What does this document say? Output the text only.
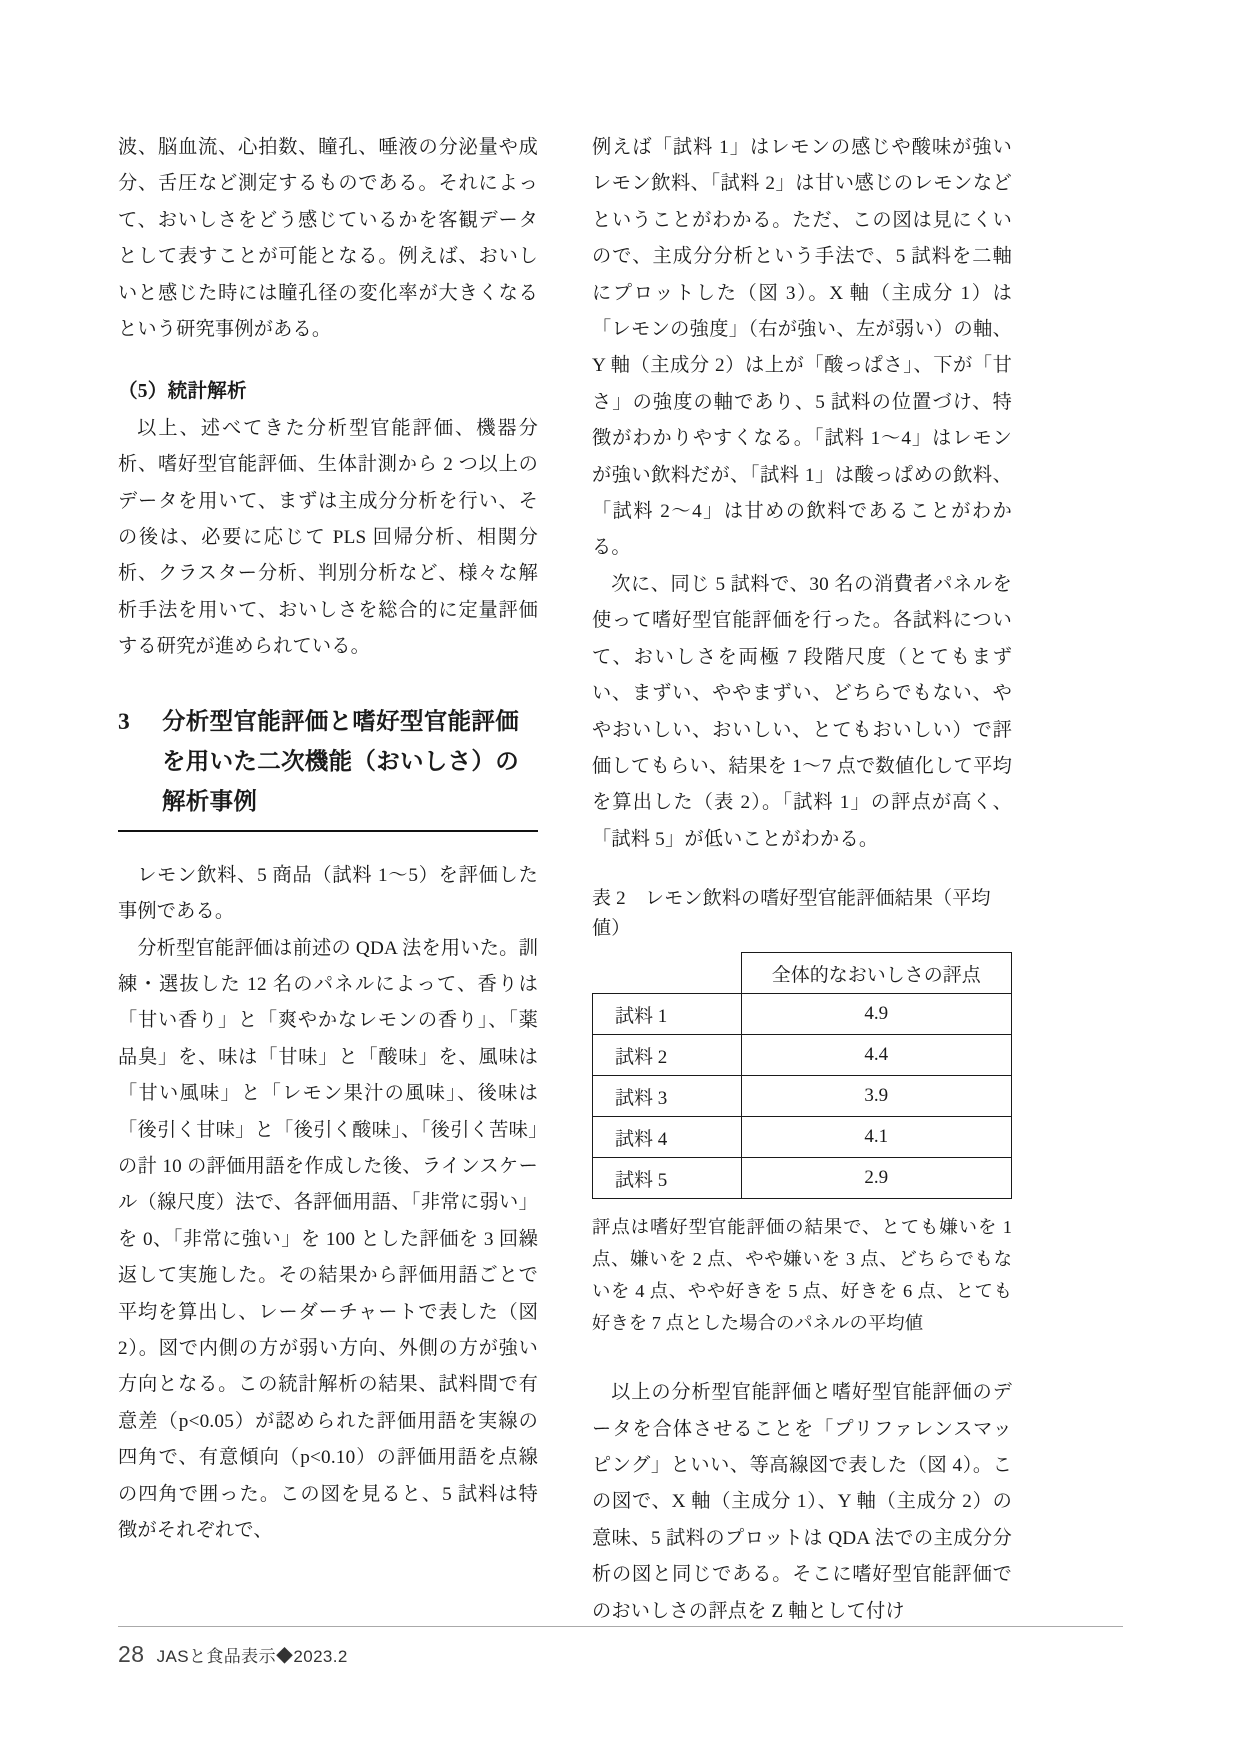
波、脳血流、心拍数、瞳孔、唾液の分泌量や成分、舌圧など測定するものである。それによって、おいしさをどう感じているかを客観データとして表すことが可能となる。例えば、おいしいと感じた時には瞳孔径の変化率が大きくなるという研究事例がある。

（5）統計解析

以上、述べてきた分析型官能評価、機器分析、嗜好型官能評価、生体計測から 2 つ以上のデータを用いて、まずは主成分分析を行い、その後は、必要に応じて PLS 回帰分析、相関分析、クラスター分析、判別分析など、様々な解析手法を用いて、おいしさを総合的に定量評価する研究が進められている。

3	分析型官能評価と嗜好型官能評価を用いた二次機能（おいしさ）の解析事例

レモン飲料、5 商品（試料 1〜5）を評価した事例である。

分析型官能評価は前述の QDA 法を用いた。訓練・選抜した 12 名のパネルによって、香りは「甘い香り」と「爽やかなレモンの香り」、「薬品臭」を、味は「甘味」と「酸味」を、風味は「甘い風味」と「レモン果汁の風味」、後味は「後引く甘味」と「後引く酸味」、「後引く苦味」の計 10 の評価用語を作成した後、ラインスケール（線尺度）法で、各評価用語、「非常に弱い」を 0、「非常に強い」を 100 とした評価を 3 回繰返して実施した。その結果から評価用語ごとで平均を算出し、レーダーチャートで表した（図 2）。図で内側の方が弱い方向、外側の方が強い方向となる。この統計解析の結果、試料間で有意差（p<0.05）が認められた評価用語を実線の四角で、有意傾向（p<0.10）の評価用語を点線の四角で囲った。この図を見ると、5 試料は特徴がそれぞれで、

例えば「試料 1」はレモンの感じや酸味が強いレモン飲料、「試料 2」は甘い感じのレモンなどということがわかる。ただ、この図は見にくいので、主成分分析という手法で、5 試料を二軸にプロットした（図 3）。X 軸（主成分 1）は「レモンの強度」（右が強い、左が弱い）の軸、Y 軸（主成分 2）は上が「酸っぱさ」、下が「甘さ」の強度の軸であり、5 試料の位置づけ、特徴がわかりやすくなる。「試料 1〜4」はレモンが強い飲料だが、「試料 1」は酸っぱめの飲料、「試料 2〜4」は甘めの飲料であることがわかる。

次に、同じ 5 試料で、30 名の消費者パネルを使って嗜好型官能評価を行った。各試料について、おいしさを両極 7 段階尺度（とてもまずい、まずい、ややまずい、どちらでもない、ややおいしい、おいしい、とてもおいしい）で評価してもらい、結果を 1〜7 点で数値化して平均を算出した（表 2）。「試料 1」の評点が高く、「試料 5」が低いことがわかる。

表 2　レモン飲料の嗜好型官能評価結果（平均値）
	全体的なおいしさの評点
試料 1	4.9
試料 2	4.4
試料 3	3.9
試料 4	4.1
試料 5	2.9
評点は嗜好型官能評価の結果で、とても嫌いを 1 点、嫌いを 2 点、やや嫌いを 3 点、どちらでもないを 4 点、やや好きを 5 点、好きを 6 点、とても好きを 7 点とした場合のパネルの平均値

以上の分析型官能評価と嗜好型官能評価のデータを合体させることを「プリファレンスマッピング」といい、等高線図で表した（図 4）。この図で、X 軸（主成分 1）、Y 軸（主成分 2）の意味、5 試料のプロットは QDA 法での主成分分析の図と同じである。そこに嗜好型官能評価でのおいしさの評点を Z 軸として付け

28 JASと食品表示◆2023.2
